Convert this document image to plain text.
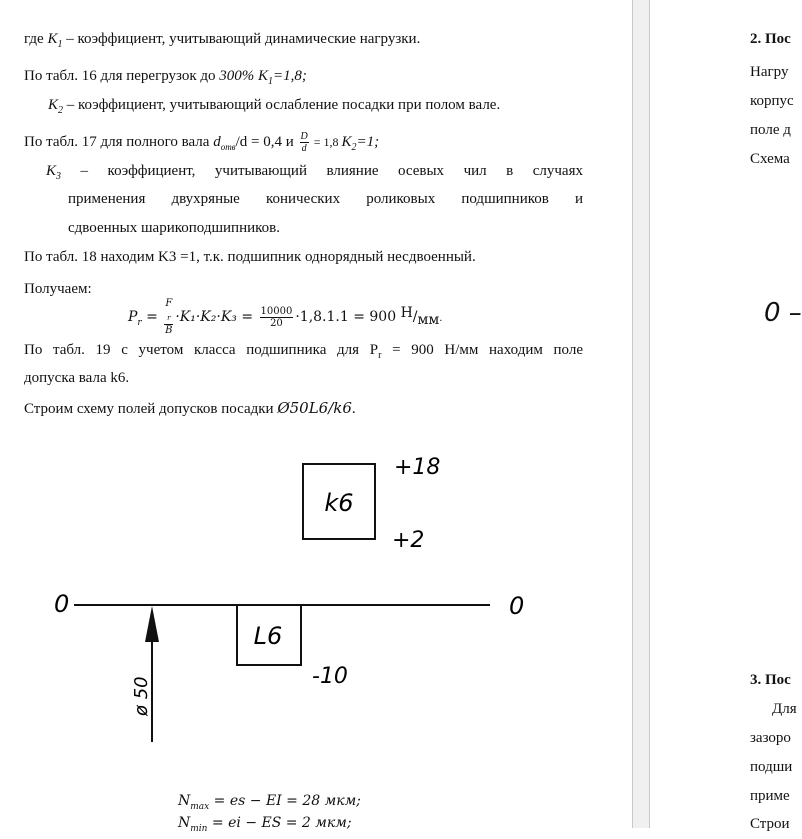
где $K_1$ – коэффициент, учитывающий динамические нагрузки.
По табл. 16 для перегрузок до 300% $K_1=1,8$;
$K_2$ – коэффициент, учитывающий ослабление посадки при полом вале.
По табл. 17 для полного вала $d_{отв}/d = 0,4$ и $\frac{D}{d} = 1,8$ $K_2=1$;
$K_3$ – коэффициент, учитывающий влияние осевых чил в случаях
применения двухряные конических роликовых подшипников и
сдвоенных шарикоподшипников.
По табл. 18 находим K3 =1, т.к. подшипник однорядный несдвоенный.
Получаем:
$P_r = F$
$_r$
$B \cdot K_1\cdot K_2\cdot K_3 = \frac{10000}{20} \cdot 1,8.1.1 = 900$ Н/мм.
По табл. 19 с учетом класса подшипника для $P_r = 900$ Н/мм находим поле
допуска вала k6.
Строим схему полей допусков посадки Ø50L6/k6.
k6
+18
+2
0	0
L6
-10
ø 50
$N_{max}$ = es − EI = 28 мкм;
$N_{min}$ = ei − ES = 2 мкм;
2. Пос
Нагру
корпус
поле д
Схема
0 –
3. Пос
Для
зазоро
подши
приме
Строи
